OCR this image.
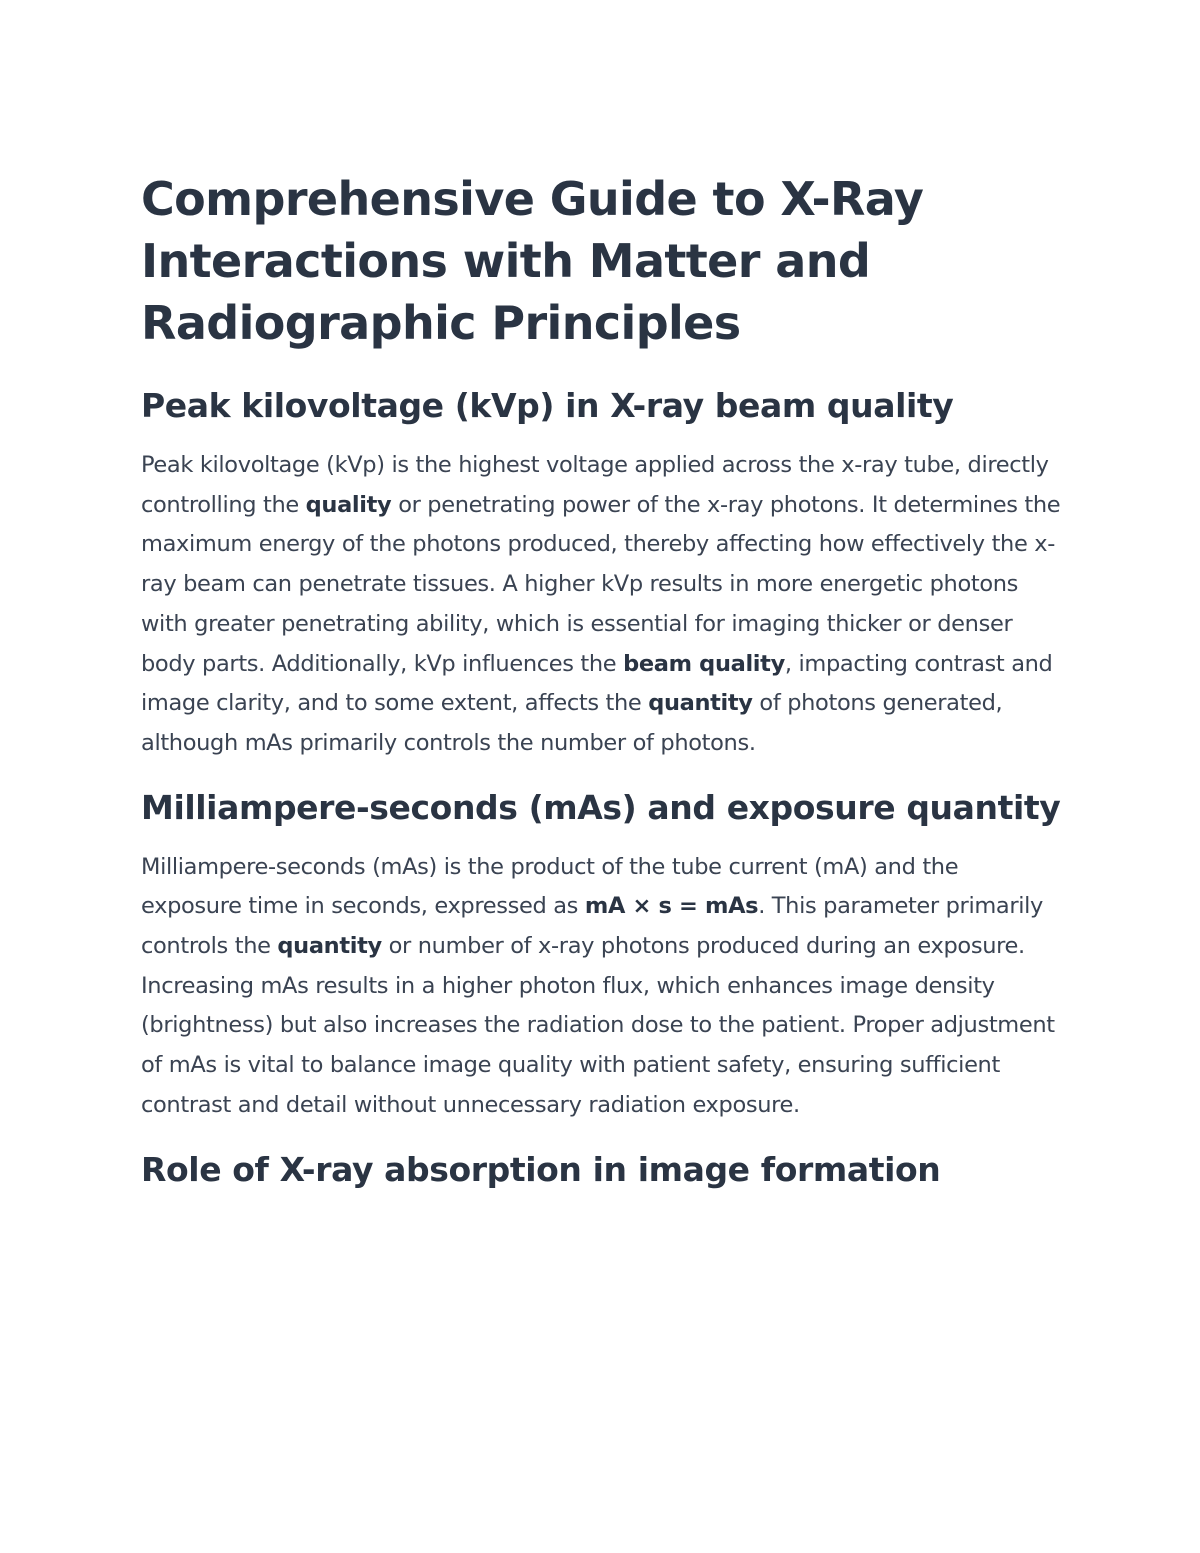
Comprehensive Guide to X-Ray Interactions with Matter and Radiographic Principles
Peak kilovoltage (kVp) in X-ray beam quality

Peak kilovoltage (kVp) is the highest voltage applied across the x-ray tube, directly controlling the quality or penetrating power of the x-ray photons. It determines the maximum energy of the photons produced, thereby affecting how effectively the x-ray beam can penetrate tissues. A higher kVp results in more energetic photons with greater penetrating ability, which is essential for imaging thicker or denser body parts. Additionally, kVp influences the beam quality, impacting contrast and image clarity, and to some extent, affects the quantity of photons generated, although mAs primarily controls the number of photons.

Milliampere-seconds (mAs) and exposure quantity

Milliampere-seconds (mAs) is the product of the tube current (mA) and the exposure time in seconds, expressed as mA × s = mAs. This parameter primarily controls the quantity or number of x-ray photons produced during an exposure. Increasing mAs results in a higher photon flux, which enhances image density (brightness) but also increases the radiation dose to the patient. Proper adjustment of mAs is vital to balance image quality with patient safety, ensuring sufficient contrast and detail without unnecessary radiation exposure.

Role of X-ray absorption in image formation
